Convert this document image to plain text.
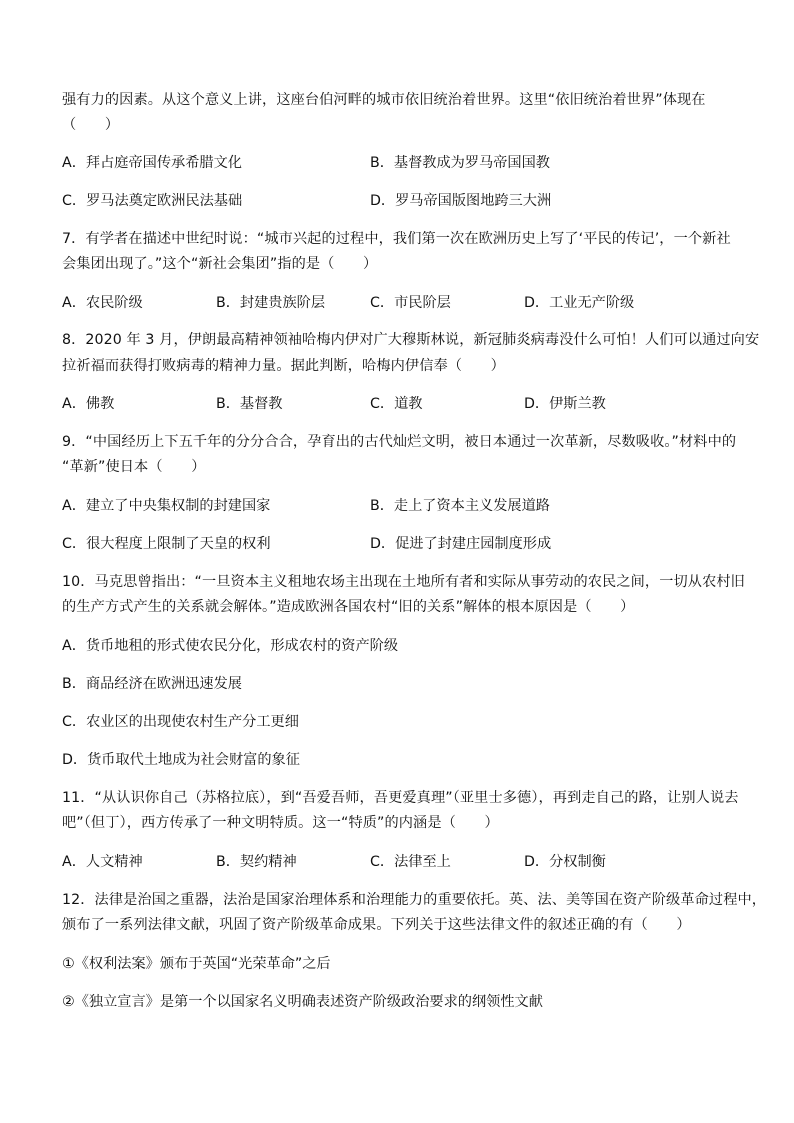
强有力的因素。从这个意义上讲，这座台伯河畔的城市依旧统治着世界。这里“依旧统治着世界”体现在
（　　）
A．拜占庭帝国传承希腊文化	B．基督教成为罗马帝国国教
C．罗马法奠定欧洲民法基础	D．罗马帝国版图地跨三大洲
7．有学者在描述中世纪时说：“城市兴起的过程中，我们第一次在欧洲历史上写了‘平民的传记’，一个新社
会集团出现了。”这个“新社会集团”指的是（　　）
A．农民阶级	B．封建贵族阶层	C．市民阶层	D．工业无产阶级
8．2020 年 3 月，伊朗最高精神领袖哈梅内伊对广大穆斯林说，新冠肺炎病毒没什么可怕！人们可以通过向安
拉祈福而获得打败病毒的精神力量。据此判断，哈梅内伊信奉（　　）
A．佛教	B．基督教	C．道教	D．伊斯兰教
9．“中国经历上下五千年的分分合合，孕育出的古代灿烂文明，被日本通过一次革新，尽数吸收。”材料中的
“革新”使日本（　　）
A．建立了中央集权制的封建国家	B．走上了资本主义发展道路
C．很大程度上限制了天皇的权利	D．促进了封建庄园制度形成
10．马克思曾指出：“一旦资本主义租地农场主出现在土地所有者和实际从事劳动的农民之间，一切从农村旧
的生产方式产生的关系就会解体。”造成欧洲各国农村“旧的关系”解体的根本原因是（　　）
A．货币地租的形式使农民分化，形成农村的资产阶级
B．商品经济在欧洲迅速发展
C．农业区的出现使农村生产分工更细
D．货币取代土地成为社会财富的象征
11．“从认识你自己（苏格拉底），到“吾爱吾师，吾更爱真理”（亚里士多德），再到走自己的路，让别人说去
吧”（但丁），西方传承了一种文明特质。这一“特质”的内涵是（　　）
A．人文精神	B．契约精神	C．法律至上	D．分权制衡
12．法律是治国之重器，法治是国家治理体系和治理能力的重要依托。英、法、美等国在资产阶级革命过程中，
颁布了一系列法律文献，巩固了资产阶级革命成果。下列关于这些法律文件的叙述正确的有（　　）
①《权利法案》颁布于英国“光荣革命”之后
②《独立宣言》是第一个以国家名义明确表述资产阶级政治要求的纲领性文献
